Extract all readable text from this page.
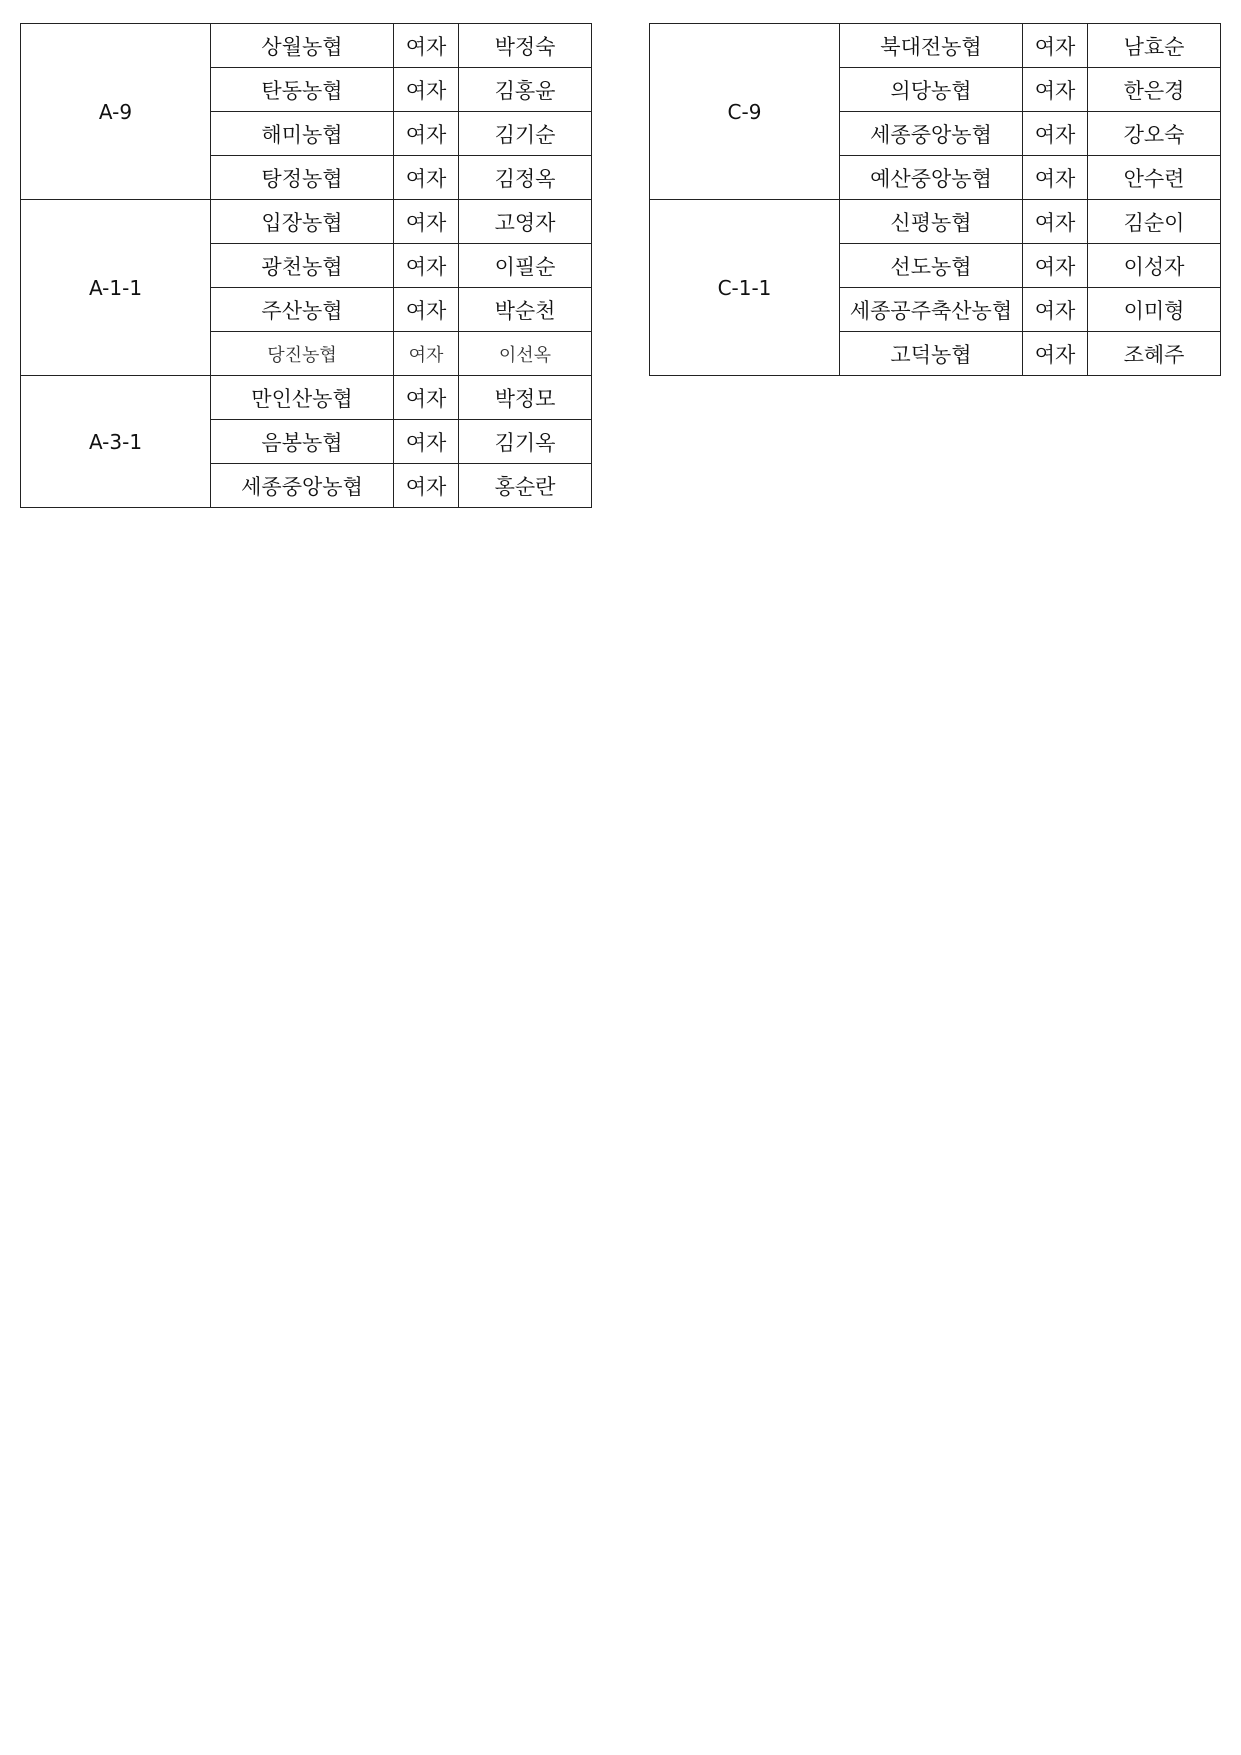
A-9	상월농협	여자	박정숙
	탄동농협	여자	김홍윤
	해미농협	여자	김기순
	탕정농협	여자	김정옥
A-1-1	입장농협	여자	고영자
	광천농협	여자	이필순
	주산농협	여자	박순천
	당진농협	여자	이선옥
A-3-1	만인산농협	여자	박정모
	음봉농협	여자	김기옥
	세종중앙농협	여자	홍순란
C-9	북대전농협	여자	남효순
	의당농협	여자	한은경
	세종중앙농협	여자	강오숙
	예산중앙농협	여자	안수련
C-1-1	신평농협	여자	김순이
	선도농협	여자	이성자
	세종공주축산농협	여자	이미형
	고덕농협	여자	조혜주
